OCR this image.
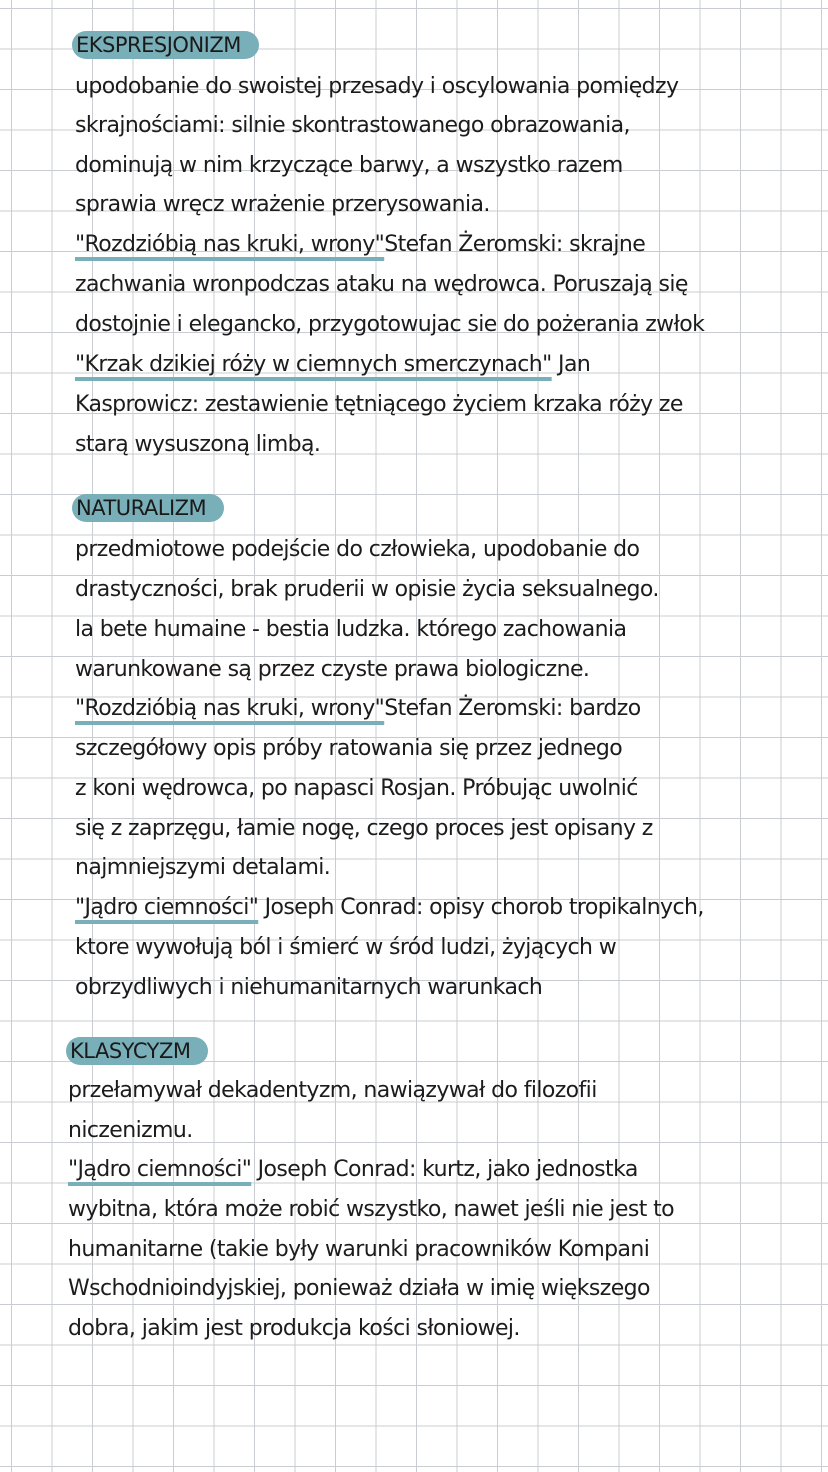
EKSPRESJONIZM
upodobanie do swoistej przesady i oscylowania pomiędzy
skrajnościami: silnie skontrastowanego obrazowania,
dominują w nim krzyczące barwy, a wszystko razem
sprawia wręcz wrażenie przerysowania.
"Rozdzióbią nas kruki, wrony"Stefan Żeromski: skrajne
zachwania wronpodczas ataku na wędrowca. Poruszają się
dostojnie i elegancko, przygotowujac sie do pożerania zwłok
"Krzak dzikiej róży w ciemnych smerczynach" Jan
Kasprowicz: zestawienie tętniącego życiem krzaka róży ze
starą wysuszoną limbą.
NATURALIZM
przedmiotowe podejście do człowieka, upodobanie do
drastyczności, brak pruderii w opisie życia seksualnego.
la bete humaine - bestia ludzka. którego zachowania
warunkowane są przez czyste prawa biologiczne.
"Rozdzióbią nas kruki, wrony"Stefan Żeromski: bardzo
szczegółowy opis próby ratowania się przez jednego
z koni wędrowca, po napasci Rosjan. Próbując uwolnić
się z zaprzęgu, łamie nogę, czego proces jest opisany z
najmniejszymi detalami.
"Jądro ciemności" Joseph Conrad: opisy chorob tropikalnych,
ktore wywołują ból i śmierć w śród ludzi, żyjących w
obrzydliwych i niehumanitarnych warunkach
KLASYCYZM
przełamywał dekadentyzm, nawiązywał do filozofii
niczenizmu.
"Jądro ciemności" Joseph Conrad: kurtz, jako jednostka
wybitna, która może robić wszystko, nawet jeśli nie jest to
humanitarne (takie były warunki pracowników Kompani
Wschodnioindyjskiej, ponieważ działa w imię większego
dobra, jakim jest produkcja kości słoniowej.
